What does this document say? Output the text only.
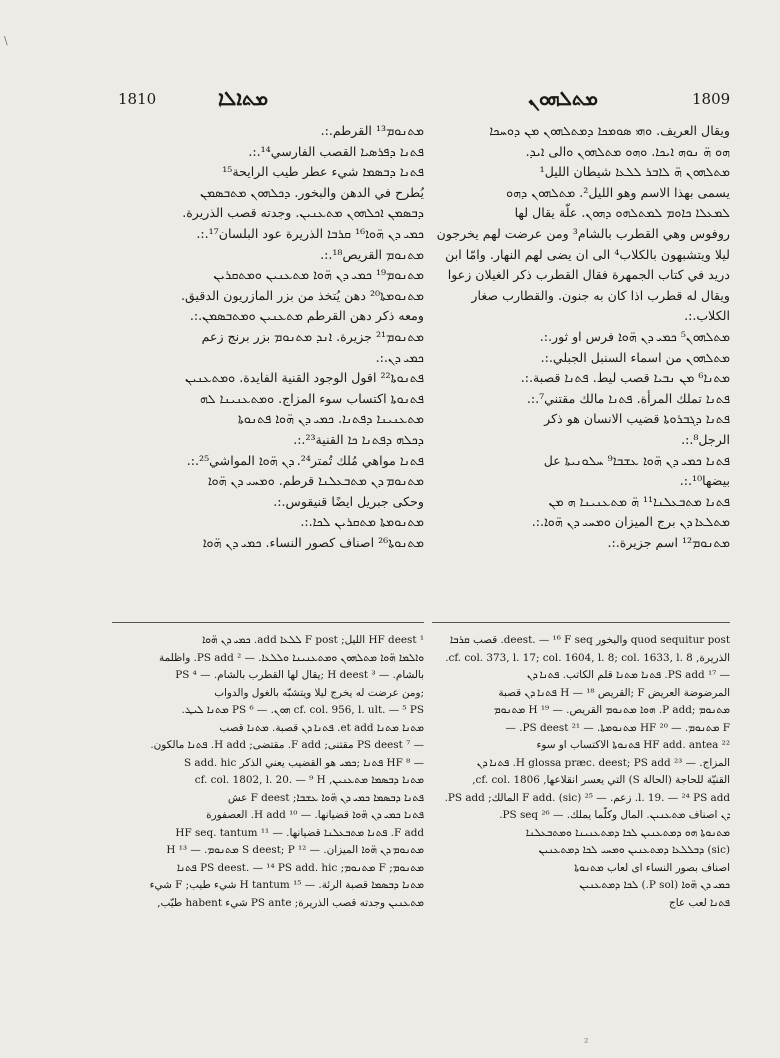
\
1810	ܡܬܐܠܐ	ܡܬܠܗܘܢ	1809
ܡܬܢܘܡ¹³ القرطم.:.
ܦܬܢܐ ܕܦܪܣܝܐ القصب الفارسي¹⁴.:.
ܦܬܢܐ ܕܒܣܡܐ شيء عطر طيب الرايحة¹⁵
يُطرح في الدهن والبخور. ܕܟܠܗܘܢ ܡܬܒܣܡܢ
ܕܒܣܡܢ ܐܟܠܗܘܢ ܡܬܥܢܝܢ. وجدته قصب الذريرة.
ܟܡܝ ܕܢ ܗ̈ܘܐ¹⁶ ܩܪܒܐ الذريرة عود البلسان¹⁷.:.
ܡܬܢܘܡ القريص¹⁸.:.
ܡܬܢܘܡ¹⁹ ܟܡܝ ܕܢ ܗ̈ܘܐ ܡܬܥܢܝܢ ܘܡܬܩܪܝܢ
ܡܬܢܘܡܬܐ²⁰ دهن يُتخذ من بزر المازريون الدقيق.
ومعه ذكر دهن القرطم ܡܬܥܢܝܢ ܘܡܬܒܣܡܢ.:.
ܡܬܢܘܡ²¹ جزيرة. ܐܢܕ ܡܬܢܘܡ بزر برنج زعم
ܟܡܝ ܕܢ.:.
ܦܬܢܘܬܐ²² اقول الوجود القنية الفايدة. ܘܡܬܥܢܝܢ
ܦܬܢܘܬܐ اكتساب سوء المزاج. ܘܡܬܥܢܝܢܐ ܠܗ
ܡܬܥܢܝܢܐ ܕܦܬܢܐ. ܟܡܝ ܕܢ ܗ̈ܘܐ ܦܬܢܘܬܐ
ܕܟܠܗ ܕܦܬܢܐ ܟܐ القنية²³.:.
ܦܬܢܐ مواهي مُلك تُمتر²⁴. ܕܢ ܗ̈ܘܐ المواشي²⁵.:.
ܡܬܢܘܡ ܕܢ ܡܬܒܥܠܢܐ قرطم. ܘܡܚܝ ܕܢ ܗ̈ܘܐ
وحكى جبريل ايضًا قنيقوس.:.
ܡܬܢܘܡܬܐ ܡܬܩܪܝܢ ܠܟܐ.:.
ܡܬܢܘܬܐ²⁶ اصناف كصور النساء. ܟܡܝ ܕܢ ܗ̈ܘܐ
ويقال العريف. ܘܗܝ ܣܘܡܟܐ ܕܡܬܠܗܘܢ ܡܢ ܕܘܚܟܐ
ܗܘ ܗ̈ ܢܘܗ ܐܝܟܐ. ܘܗܘ ܡܬܠܗܘܢ ܘالى ܐܝܕ.
ܡܬܠܗܘܢ ܗ̈ ܠܐܒܪ ܠܠܥܐ شيطان الليل¹
يسمى بهذا الاسم وهو الليل². ܡܬܠܗܘܢ ܕܗܘ
ܠܡܥܠܐ ܟܐܘܡ ܠܡܬܠܗܘ ܕܗܘܢ. علّة يقال لها
روفوس وهي القطرب بالشام³ ومن عرضت لهم يخرجون
ليلا ويتشبهون بالكلاب⁴ الى ان يضى لهم النهار. وامّا ابن
دريد في كتاب الجمهرة فقال القطرب ذكر الغيلان زعوا
ويقال له قطرب اذا كان به جنون. والقطارب صغار
الكلاب.:.
ܡܬܠܗܘܢ⁵ ܟܡܝ ܕܢ ܗ̈ܘܐ فرس او ثور.:.
ܡܬܠܗܘܢ من اسماء السنبل الجبلي.:.
ܡܬܢܐ⁶ ܡܢ ܢܒܝܐ قصب ليط. ܦܬܢܐ قصبة.:.
ܦܬܢܐ تملك المرأة. ܦܬܢܐ مالك مقتني⁷.:.
ܦܬܢܐ ܕܓܒܪܘܬܐ قضيب الانسان هو ذكر
الرجل⁸.:.
ܦܬܢܐ ܟܡܝ ܕܢ ܗ̈ܘܐ ܥܫܒܐ⁹ ܚܠܘܢܝܬܐ عل
بيضها¹⁰.:.
ܦܬܢܐ ܡܬܒܥܠܢܐ¹¹ ܗ̈ ܡܬܥܢܝܢܐ ܗ ܡܢ
ܡܬܠܥܐ ܕܢ برج الميزان ܘܡܚܝ ܕܢ ܗ̈ܘܐ.:.
ܡܬܢܘܡ¹² اسم جزيرة.:.
¹ HF deest الليل; F post ܠܠܥܐ add. ܟܡܝ ܕܢ ܗ̈ܘܐ
ܘܐܠܡܐ ܗ̈ܘܐ ܡܬܠܗܘܢ ܘܡܬܥܢܝܢܐ ܘܠܠܥܐ. — ² PS add. واظلمة
بالشام. — ³ H deest ;يقال لها القطرب بالشام. — ⁴ PS
;ومن عرضت له يخرج ليلا ويتشبّه بالغول والدواب
cf. col. 956, l. ult. — ⁵ PS ܗܘܢ. — ⁶ PS ܡܬܢܐ ܠܝܛ.
ܡܬܢܐ ܡܬܢܐ et add. ܦܬܢܐ ܕܢ قصبة. ܡܬܢܐ قصب
— ⁷ PS deest مقتنى; F add. مقتضى; H add. ܦܬܢܐ مالكون.
— ⁸ HF ܦܬܢܐ ;ܟܡܝ هو القضيب يعني الذكر S add. hic
ܡܬܢܐ ܕܒܣܡܐ ܡܬܥܢܝܢ, cf. col. 1802, l. 20. — ⁹ H
ܦܬܢܐ ܕܒܣܡܐ ܟܡܝ ܕܢ ܗ̈ܘܐ ܥܫܒܐ; F deest عش
ܦܬܢܐ ܟܡܝ ܕܢ ܗ̈ܘܐ قضيانها. — ¹⁰ H add. العصفورة
F add. ܦܬܢܐ ܡܬܒܥܠܢܐ قضيانها. — ¹¹ HF seq. tantum
ܡܬܢܘܡ ܕܢ ܗ̈ܘܐ الميزان. — ¹² S deest; P ܡܬܢܘܡ. — ¹³ H
ܡܬܢܘܡ; F ܡܬܢܘܡ; PS deest. — ¹⁴ PS add. hic ܦܬܢܐ
ܡܬܢܐ ܕܒܣܡܐ قصبة الرئة. — ¹⁵ H tantum شيء طيب; F شيء
ܡܬܥܢܝܢ وجدته قصب الذريرة; PS ante شيء habent طيّب,
quod sequitur post والبخور deest. — ¹⁶ F seq. قصب ܩܪܒܐ
الذريرة, cf. col. 373, l. 17; col. 1604, l. 8; col. 1633, l. 8.
— ¹⁷ PS add. ܦܬܢܐ ܡܬܢܐ قلم الكاتب. ܦܬܢܐ ܕܢ
المرضوضة العريض F ;القريص H — ¹⁸ ܦܬܢܐ ܕܢ قصبة
ܡܬܢܘܡ ;P add. ܗܘܐ ܡܬܢܘܡ القريص. — ¹⁹ H ܡܬܢܘܡ
F ܡܬܢܘܡ. — ²⁰ HF ܡܬܢܘܡܬܐ. — ²¹ PS deest. —
²² HF add. antea ܦܬܢܘܬܐ الاكتساب او سوء
المزاج. — ²³ H glossa præc. deest; PS add. ܦܬܢܐ ܕܢ
القنيّة للحاجة (الحالة S) التي يعسر انقلاعها, cf. col. 1806,
l. 19. — ²⁴ PS add. زعم. — ²⁵ F add. (sic) المالك; PS add.
ܕܢ اصناف ܡܬܥܢܝܢ. المال وكلّما يملك. — ²⁶ PS seq.
ܡܬܢܘܬܐ ܗܘ ܕܡܬܥܢܝܢ ܠܟܐ ܕܡܬܥܢܝܢܐ ܘܡܬܒܥܠܢܐ
(sic) ܕܒܠܠܥܐ ܕܡܬܥܢܝܢ ܘܡܚܝ ܠܟܐ ܕܡܬܥܢܝܢ
اصناف بصور النساء اى لعاب ܡܬܢܘܬܐ
ܟܡܝ ܕܢ ܗ̈ܘܐ (P sol.) ܠܟܐ ܕܡܬܥܢܝܢ
ܦܬܢܐ لعب عاج
²
